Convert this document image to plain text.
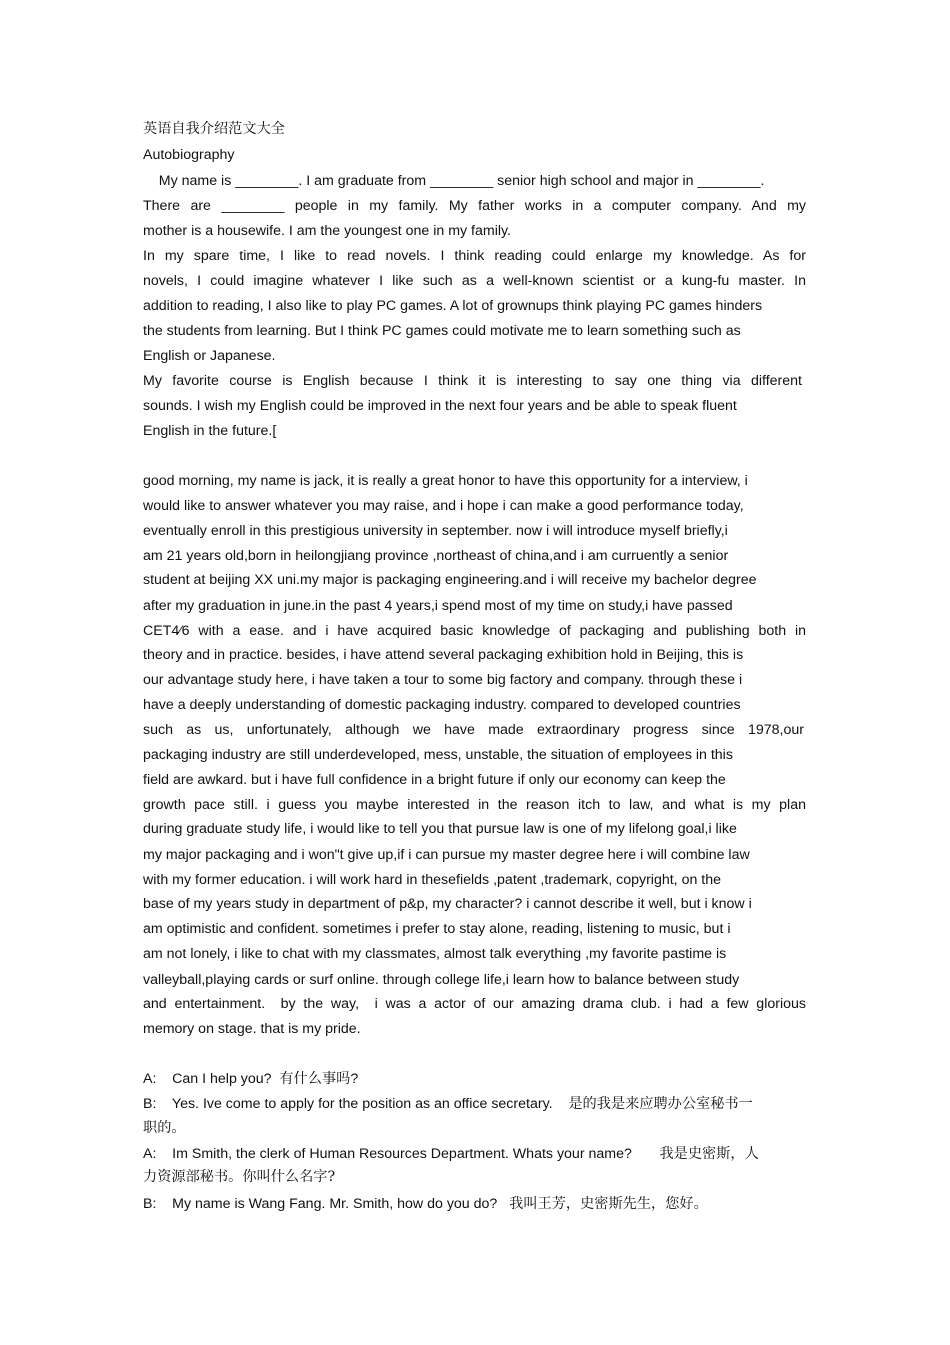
英语自我介绍范文大全

Autobiography

My name is ________. I am graduate from ________ senior high school and major in ________.

There are ________ people in my family. My father works in a computer company. And my

mother is a housewife. I am the youngest one in my family.

In my spare time, I like to read novels. I think reading could enlarge my knowledge. As for

novels, I could imagine whatever I like such as a well-known scientist or a kung-fu master. In

addition to reading, I also like to play PC games. A lot of grownups think playing PC games hinders

the students from learning. But I think PC games could motivate me to learn something such as

English or Japanese.

My favorite course is English because I think it is interesting to say one thing via different

sounds. I wish my English could be improved in the next four years and be able to speak fluent

English in the future.[

good morning, my name is jack, it is really a great honor to have this opportunity for a interview, i

would like to answer whatever you may raise, and i hope i can make a good performance today,

eventually enroll in this prestigious university in september. now i will introduce myself briefly,i

am 21 years old,born in heilongjiang province ,northeast of china,and i am curruently a senior

student at beijing XX uni.my major is packaging engineering.and i will receive my bachelor degree

after my graduation in june.in the past 4 years,i spend most of my time on study,i have passed

CET4⁄6 with a ease. and i have acquired basic knowledge of packaging and publishing both in

theory and in practice. besides, i have attend several packaging exhibition hold in Beijing, this is

our advantage study here, i have taken a tour to some big factory and company. through these i

have a deeply understanding of domestic packaging industry. compared to developed countries

such as us, unfortunately, although we have made extraordinary progress since 1978,our

packaging industry are still underdeveloped, mess, unstable, the situation of employees in this

field are awkard. but i have full confidence in a bright future if only our economy can keep the

growth pace still. i guess you maybe interested in the reason itch to law, and what is my plan

during graduate study life, i would like to tell you that pursue law is one of my lifelong goal,i like

my major packaging and i won"t give up,if i can pursue my master degree here i will combine law

with my former education. i will work hard in thesefields ,patent ,trademark, copyright, on the

base of my years study in department of p&p, my character? i cannot describe it well, but i know i

am optimistic and confident. sometimes i prefer to stay alone, reading, listening to music, but i

am not lonely, i like to chat with my classmates, almost talk everything ,my favorite pastime is

valleyball,playing cards or surf online. through college life,i learn how to balance between study

and entertainment.  by the way,  i was a actor of our amazing drama club. i had a few glorious

memory on stage. that is my pride.

A:    Can I help you?  有什么事吗?

B:    Yes. Ive come to apply for the position as an office secretary.    是的我是来应聘办公室秘书一

职的。

A:    Im Smith, the clerk of Human Resources Department. Whats your name?       我是史密斯，人

力资源部秘书。你叫什么名字?

B:    My name is Wang Fang. Mr. Smith, how do you do?   我叫王芳，史密斯先生，您好。
